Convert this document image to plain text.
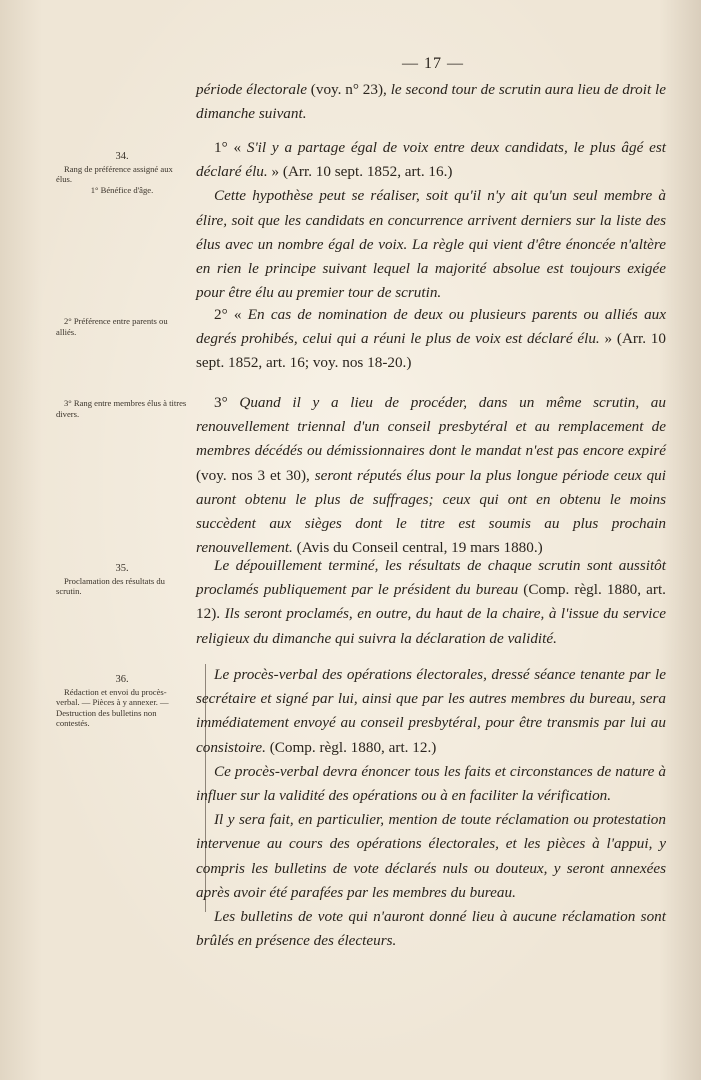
— 17 —
34.
Rang de préférence assigné aux élus.
1° Bénéfice d'âge.
2° Préférence entre parents ou alliés.
3° Rang entre membres élus à titres divers.
35.
Proclamation des résultats du scrutin.
36.
Rédaction et envoi du procès-verbal. — Pièces à y annexer. — Destruction des bulletins non contestés.

période électorale (voy. n° 23), le second tour de scrutin aura lieu de droit le dimanche suivant.

1° « S'il y a partage égal de voix entre deux candidats, le plus âgé est déclaré élu. » (Arr. 10 sept. 1852, art. 16.)

Cette hypothèse peut se réaliser, soit qu'il n'y ait qu'un seul membre à élire, soit que les candidats en concurrence arrivent derniers sur la liste des élus avec un nombre égal de voix. La règle qui vient d'être énoncée n'altère en rien le principe suivant lequel la majorité absolue est toujours exigée pour être élu au premier tour de scrutin.

2° « En cas de nomination de deux ou plusieurs parents ou alliés aux degrés prohibés, celui qui a réuni le plus de voix est déclaré élu. » (Arr. 10 sept. 1852, art. 16; voy. nos 18-20.)

3° Quand il y a lieu de procéder, dans un même scrutin, au renouvellement triennal d'un conseil presbytéral et au remplacement de membres décédés ou démissionnaires dont le mandat n'est pas encore expiré (voy. nos 3 et 30), seront réputés élus pour la plus longue période ceux qui auront obtenu le plus de suffrages; ceux qui ont en obtenu le moins succèdent aux sièges dont le titre est soumis au plus prochain renouvellement. (Avis du Conseil central, 19 mars 1880.)

Le dépouillement terminé, les résultats de chaque scrutin sont aussitôt proclamés publiquement par le président du bureau (Comp. règl. 1880, art. 12). Ils seront proclamés, en outre, du haut de la chaire, à l'issue du service religieux du dimanche qui suivra la déclaration de validité.

Le procès-verbal des opérations électorales, dressé séance tenante par le secrétaire et signé par lui, ainsi que par les autres membres du bureau, sera immédiatement envoyé au conseil presbytéral, pour être transmis par lui au consistoire. (Comp. règl. 1880, art. 12.)

Ce procès-verbal devra énoncer tous les faits et circonstances de nature à influer sur la validité des opérations ou à en faciliter la vérification.

Il y sera fait, en particulier, mention de toute réclamation ou protestation intervenue au cours des opérations électorales, et les pièces à l'appui, y compris les bulletins de vote déclarés nuls ou douteux, y seront annexées après avoir été parafées par les membres du bureau.

Les bulletins de vote qui n'auront donné lieu à aucune réclamation sont brûlés en présence des électeurs.
